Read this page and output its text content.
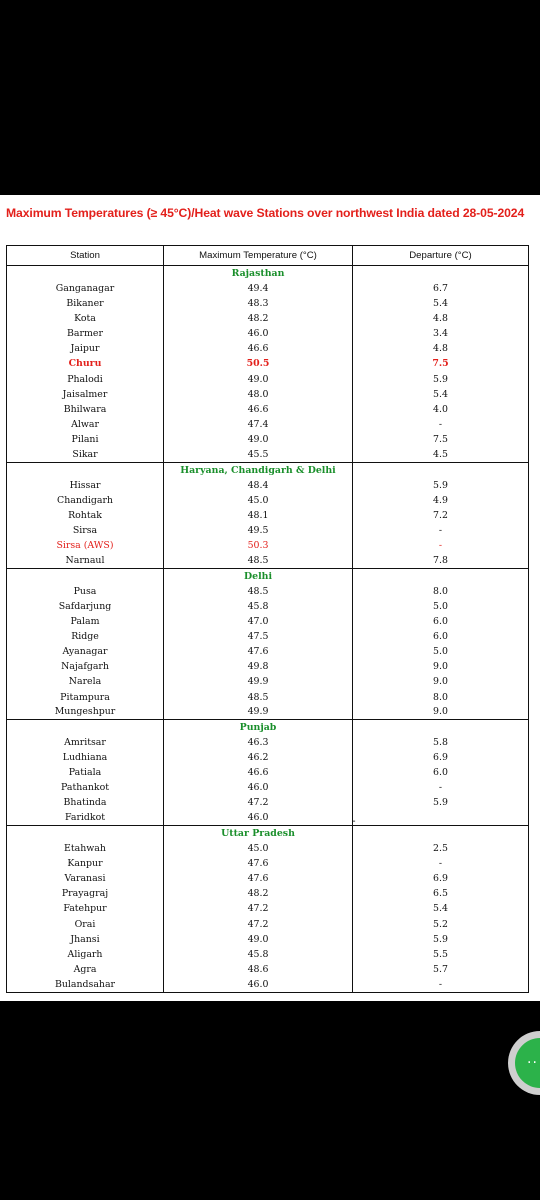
Maximum Temperatures (≥ 45°C)/Heat wave Stations over northwest India dated 28-05-2024
Station	Maximum Temperature (°C)	Departure (°C)
	Rajasthan	
Ganganagar	49.4	6.7
Bikaner	48.3	5.4
Kota	48.2	4.8
Barmer	46.0	3.4
Jaipur	46.6	4.8
Churu	50.5	7.5
Phalodi	49.0	5.9
Jaisalmer	48.0	5.4
Bhilwara	46.6	4.0
Alwar	47.4	-
Pilani	49.0	7.5
Sikar	45.5	4.5
	Haryana, Chandigarh & Delhi	
Hissar	48.4	5.9
Chandigarh	45.0	4.9
Rohtak	48.1	7.2
Sirsa	49.5	-
Sirsa (AWS)	50.3	-
Narnaul	48.5	7.8
	Delhi	
Pusa	48.5	8.0
Safdarjung	45.8	5.0
Palam	47.0	6.0
Ridge	47.5	6.0
Ayanagar	47.6	5.0
Najafgarh	49.8	9.0
Narela	49.9	9.0
Pitampura	48.5	8.0
Mungeshpur	49.9	9.0
	Punjab	
Amritsar	46.3	5.8
Ludhiana	46.2	6.9
Patiala	46.6	6.0
Pathankot	46.0	-
Bhatinda	47.2	5.9
Faridkot	46.0	
	Uttar Pradesh	
Etahwah	45.0	2.5
Kanpur	47.6	-
Varanasi	47.6	6.9
Prayagraj	48.2	6.5
Fatehpur	47.2	5.4
Orai	47.2	5.2
Jhansi	49.0	5.9
Aligarh	45.8	5.5
Agra	48.6	5.7
Bulandsahar	46.0	-
-
··
